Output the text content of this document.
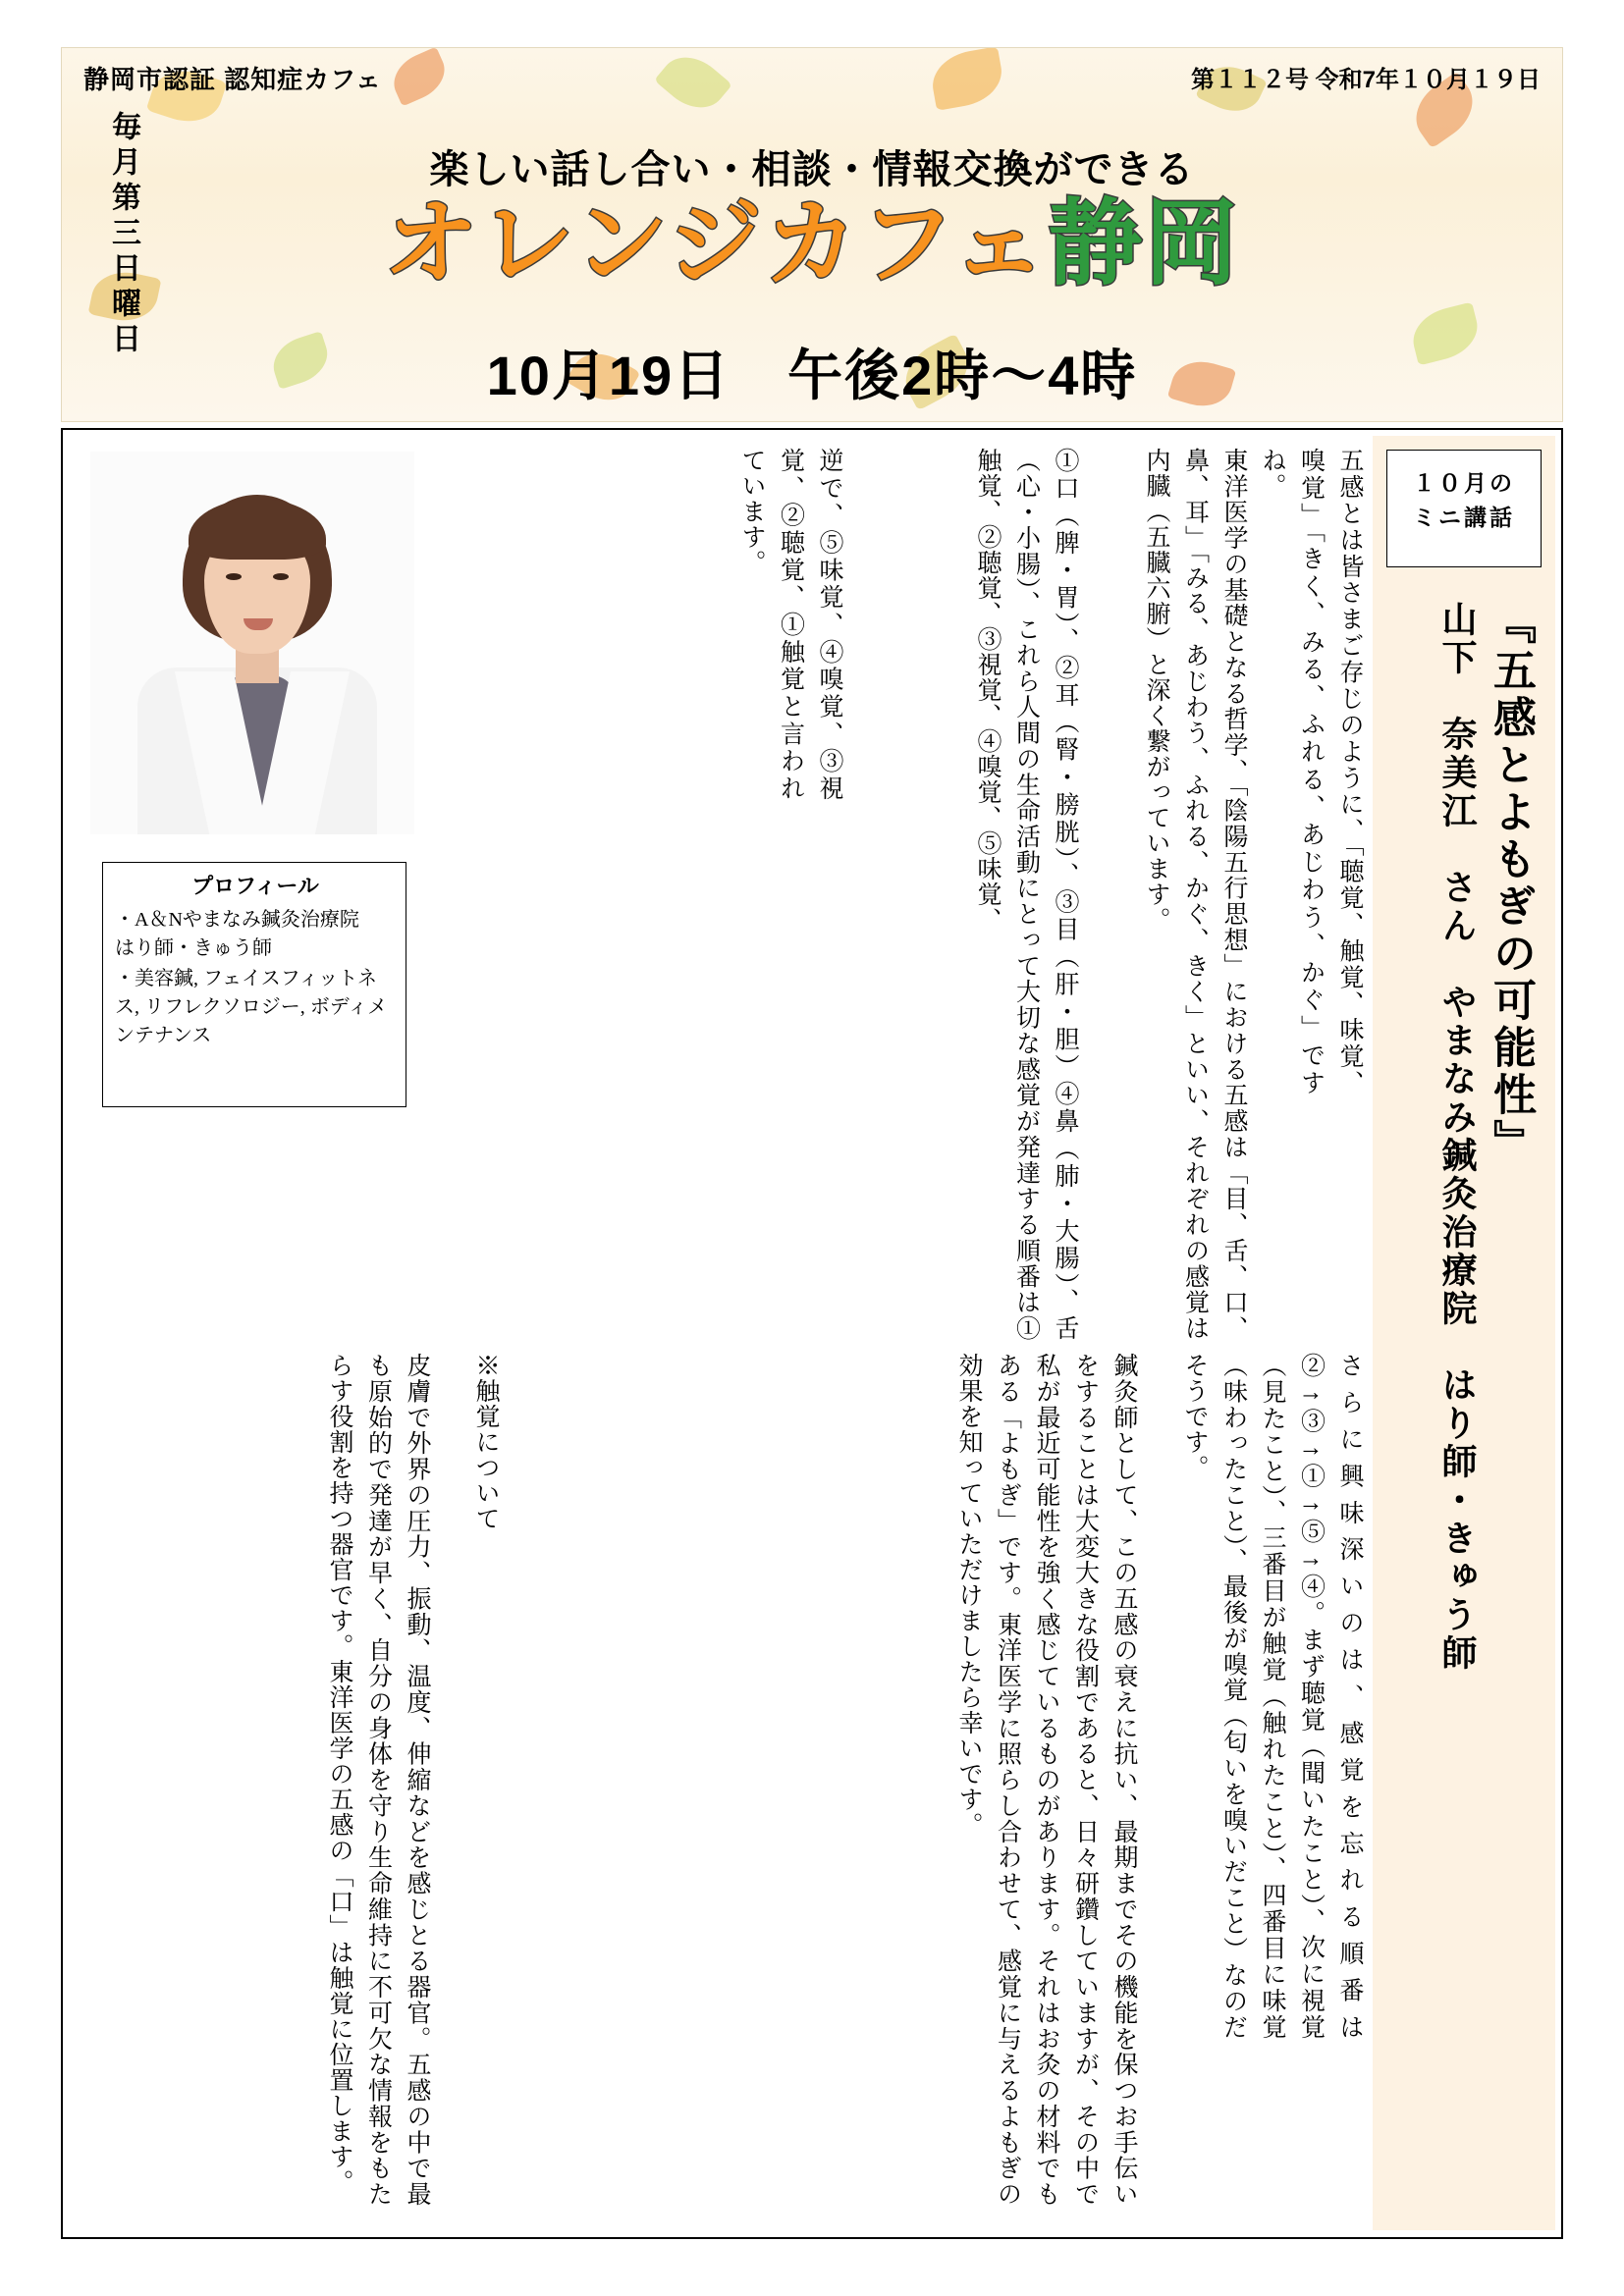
静岡市認証 認知症カフェ	第１１２号 令和7年１０月１９日
毎月第三日曜日	楽しい話し合い・相談・情報交換ができる
オレンジカフェ静岡
10月19日　午後2時～4時
１０月の
ミニ講話
『五感とよもぎの可能性』
山下　奈美江　さん　やまなみ鍼灸治療院　はり師・きゅう師
プロフィール
・A＆Nやまなみ鍼灸治療院　はり師・きゅう師
・美容鍼, フェイスフィットネス, リフレクソロジー, ボディメンテナンス	五感とは皆さまご存じのように、「聴覚、触覚、味覚、嗅覚」「きく、みる、ふれる、あじわう、かぐ」ですね。
東洋医学の基礎となる哲学、「陰陽五行思想」における五感は「目、舌、口、鼻、耳」「みる、あじわう、ふれる、かぐ、きく」といい、それぞれの感覚は内臓（五臓六腑）と深く繋がっています。
①口（脾・胃）、②耳（腎・膀胱）、③目（肝・胆）④鼻（肺・大腸）、舌（心・小腸）、これら人間の生命活動にとって大切な感覚が発達する順番は①触覚、②聴覚、③視覚、④嗅覚、⑤味覚、
逆で、⑤味覚、④嗅覚、③視覚、②聴覚、①触覚と言われています。
さらに興味深いのは、感覚を忘れる順番は②→③→①→⑤→④。まず聴覚（聞いたこと）、次に視覚（見たこと）、三番目が触覚（触れたこと）、四番目に味覚（味わったこと）、最後が嗅覚（匂いを嗅いだこと）なのだそうです。
鍼灸師として、この五感の衰えに抗い、最期までその機能を保つお手伝いをすることは大変大きな役割であると、日々研鑽していますが、その中で私が最近可能性を強く感じているものがあります。それはお灸の材料でもある「よもぎ」です。東洋医学に照らし合わせて、感覚に与えるよもぎの効果を知っていただけましたら幸いです。
※触覚について
皮膚で外界の圧力、振動、温度、伸縮などを感じとる器官。五感の中で最も原始的で発達が早く、自分の身体を守り生命維持に不可欠な情報をもたらす役割を持つ器官です。東洋医学の五感の「口」は触覚に位置します。
